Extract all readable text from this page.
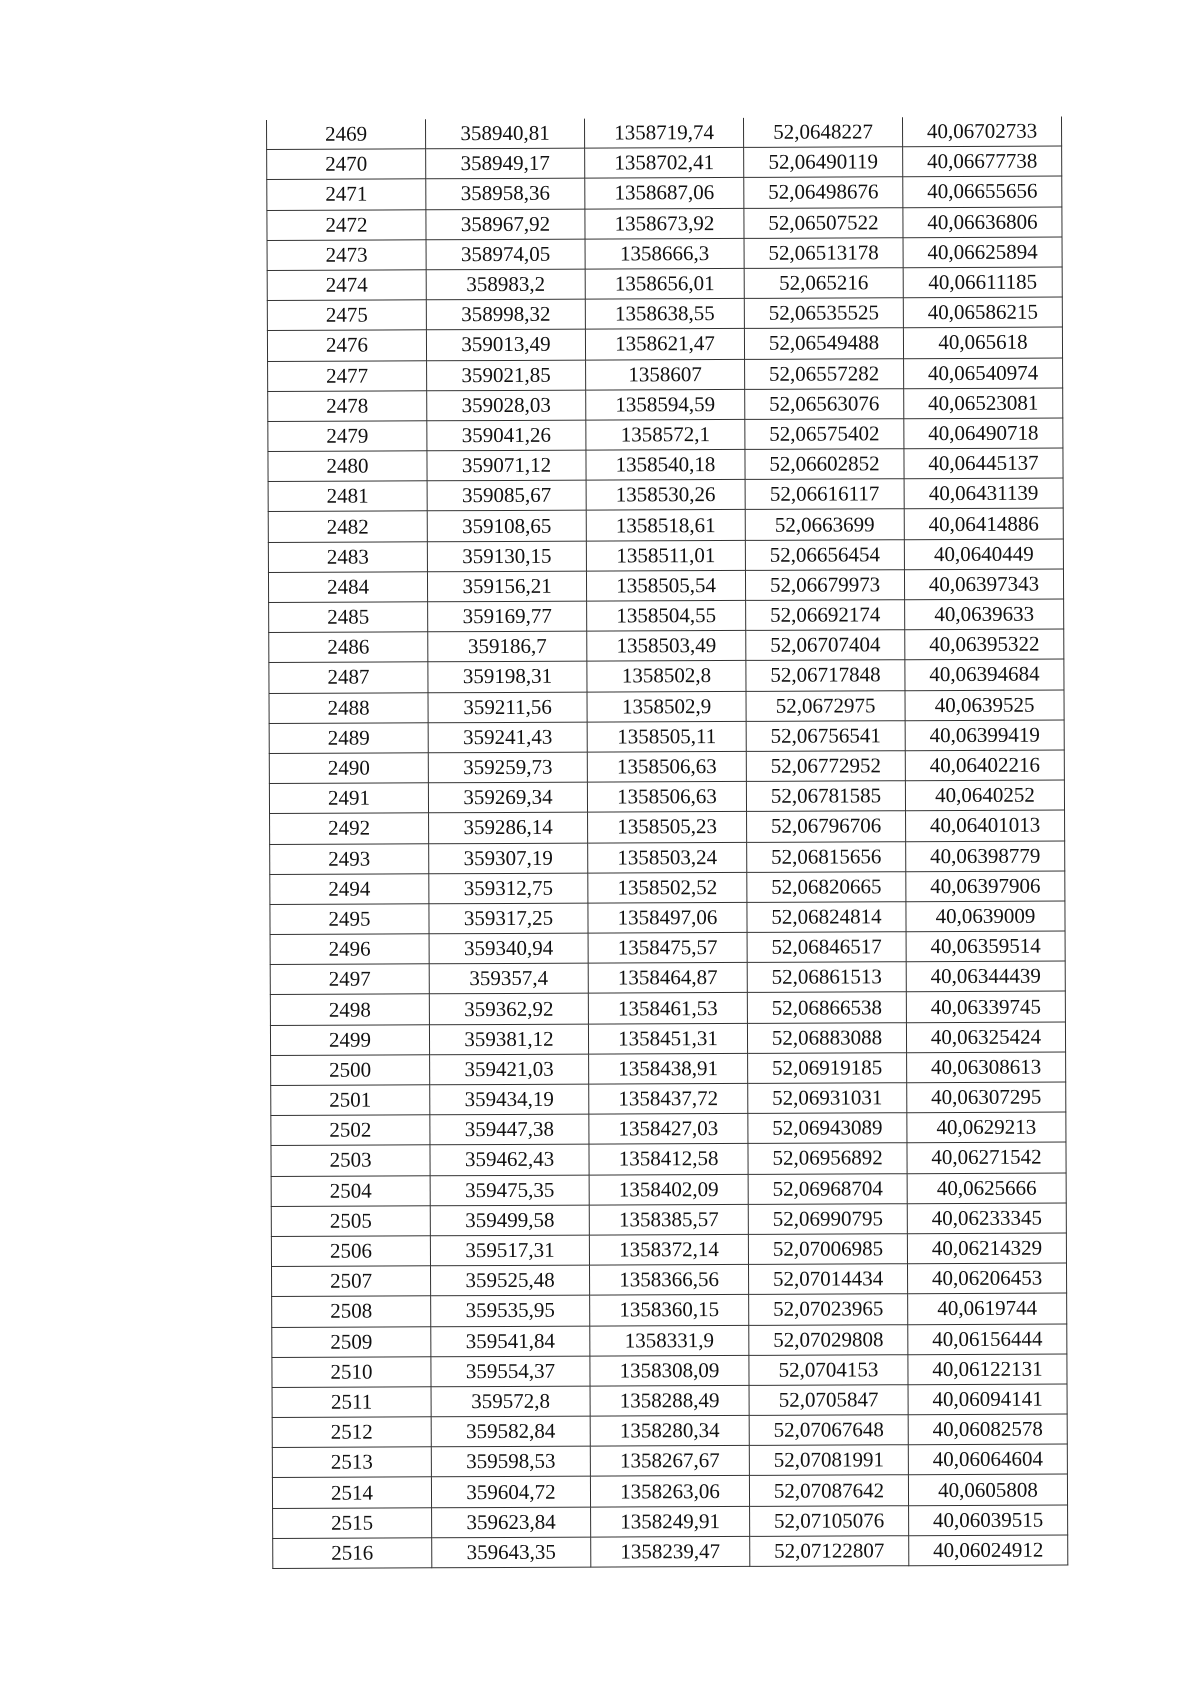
2469	358940,81	1358719,74	52,0648227	40,06702733
2470	358949,17	1358702,41	52,06490119	40,06677738
2471	358958,36	1358687,06	52,06498676	40,06655656
2472	358967,92	1358673,92	52,06507522	40,06636806
2473	358974,05	1358666,3	52,06513178	40,06625894
2474	358983,2	1358656,01	52,065216	40,06611185
2475	358998,32	1358638,55	52,06535525	40,06586215
2476	359013,49	1358621,47	52,06549488	40,065618
2477	359021,85	1358607	52,06557282	40,06540974
2478	359028,03	1358594,59	52,06563076	40,06523081
2479	359041,26	1358572,1	52,06575402	40,06490718
2480	359071,12	1358540,18	52,06602852	40,06445137
2481	359085,67	1358530,26	52,06616117	40,06431139
2482	359108,65	1358518,61	52,0663699	40,06414886
2483	359130,15	1358511,01	52,06656454	40,0640449
2484	359156,21	1358505,54	52,06679973	40,06397343
2485	359169,77	1358504,55	52,06692174	40,0639633
2486	359186,7	1358503,49	52,06707404	40,06395322
2487	359198,31	1358502,8	52,06717848	40,06394684
2488	359211,56	1358502,9	52,0672975	40,0639525
2489	359241,43	1358505,11	52,06756541	40,06399419
2490	359259,73	1358506,63	52,06772952	40,06402216
2491	359269,34	1358506,63	52,06781585	40,0640252
2492	359286,14	1358505,23	52,06796706	40,06401013
2493	359307,19	1358503,24	52,06815656	40,06398779
2494	359312,75	1358502,52	52,06820665	40,06397906
2495	359317,25	1358497,06	52,06824814	40,0639009
2496	359340,94	1358475,57	52,06846517	40,06359514
2497	359357,4	1358464,87	52,06861513	40,06344439
2498	359362,92	1358461,53	52,06866538	40,06339745
2499	359381,12	1358451,31	52,06883088	40,06325424
2500	359421,03	1358438,91	52,06919185	40,06308613
2501	359434,19	1358437,72	52,06931031	40,06307295
2502	359447,38	1358427,03	52,06943089	40,0629213
2503	359462,43	1358412,58	52,06956892	40,06271542
2504	359475,35	1358402,09	52,06968704	40,0625666
2505	359499,58	1358385,57	52,06990795	40,06233345
2506	359517,31	1358372,14	52,07006985	40,06214329
2507	359525,48	1358366,56	52,07014434	40,06206453
2508	359535,95	1358360,15	52,07023965	40,0619744
2509	359541,84	1358331,9	52,07029808	40,06156444
2510	359554,37	1358308,09	52,0704153	40,06122131
2511	359572,8	1358288,49	52,0705847	40,06094141
2512	359582,84	1358280,34	52,07067648	40,06082578
2513	359598,53	1358267,67	52,07081991	40,06064604
2514	359604,72	1358263,06	52,07087642	40,0605808
2515	359623,84	1358249,91	52,07105076	40,06039515
2516	359643,35	1358239,47	52,07122807	40,06024912
